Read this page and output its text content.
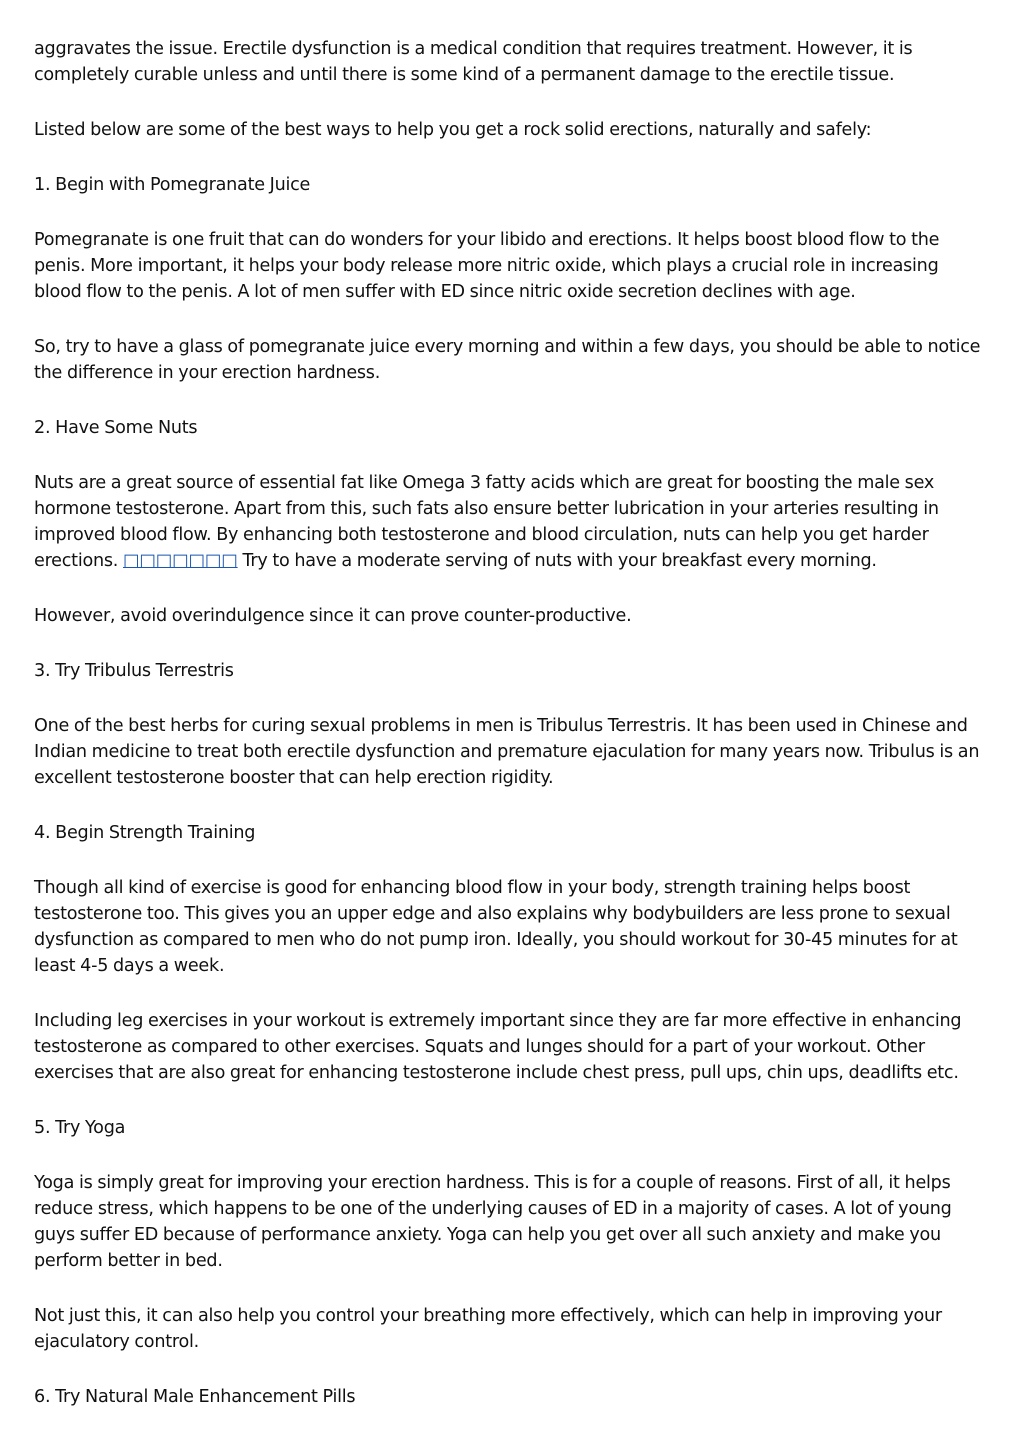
aggravates the issue. Erectile dysfunction is a medical condition that requires treatment. However, it is completely curable unless and until there is some kind of a permanent damage to the erectile tissue.

Listed below are some of the best ways to help you get a rock solid erections, naturally and safely:

1. Begin with Pomegranate Juice

Pomegranate is one fruit that can do wonders for your libido and erections. It helps boost blood flow to the penis. More important, it helps your body release more nitric oxide, which plays a crucial role in increasing blood flow to the penis. A lot of men suffer with ED since nitric oxide secretion declines with age.

So, try to have a glass of pomegranate juice every morning and within a few days, you should be able to notice the difference in your erection hardness.

2. Have Some Nuts

Nuts are a great source of essential fat like Omega 3 fatty acids which are great for boosting the male sex hormone testosterone. Apart from this, such fats also ensure better lubrication in your arteries resulting in improved blood flow. By enhancing both testosterone and blood circulation, nuts can help you get harder erections. □□□□□□□ Try to have a moderate serving of nuts with your breakfast every morning.

However, avoid overindulgence since it can prove counter-productive.

3. Try Tribulus Terrestris

One of the best herbs for curing sexual problems in men is Tribulus Terrestris. It has been used in Chinese and Indian medicine to treat both erectile dysfunction and premature ejaculation for many years now. Tribulus is an excellent testosterone booster that can help erection rigidity.

4. Begin Strength Training

Though all kind of exercise is good for enhancing blood flow in your body, strength training helps boost testosterone too. This gives you an upper edge and also explains why bodybuilders are less prone to sexual dysfunction as compared to men who do not pump iron. Ideally, you should workout for 30-45 minutes for at least 4-5 days a week.

Including leg exercises in your workout is extremely important since they are far more effective in enhancing testosterone as compared to other exercises. Squats and lunges should for a part of your workout. Other exercises that are also great for enhancing testosterone include chest press, pull ups, chin ups, deadlifts etc.

5. Try Yoga

Yoga is simply great for improving your erection hardness. This is for a couple of reasons. First of all, it helps reduce stress, which happens to be one of the underlying causes of ED in a majority of cases. A lot of young guys suffer ED because of performance anxiety. Yoga can help you get over all such anxiety and make you perform better in bed.

Not just this, it can also help you control your breathing more effectively, which can help in improving your ejaculatory control.

6. Try Natural Male Enhancement Pills
